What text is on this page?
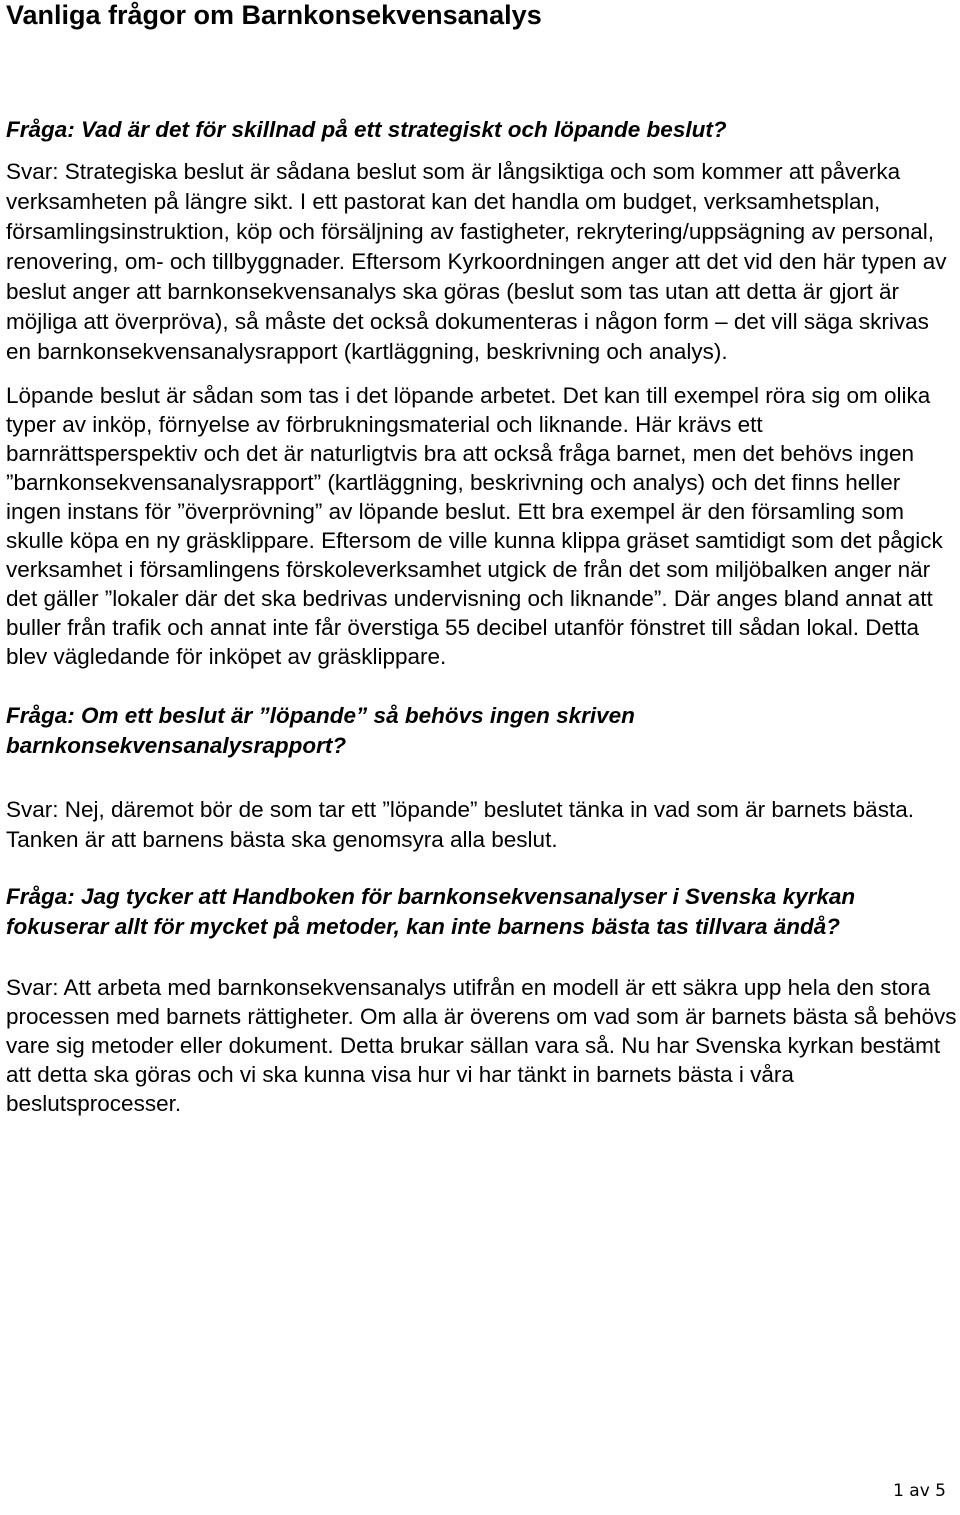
Vanliga frågor om Barnkonsekvensanalys

Fråga: Vad är det för skillnad på ett strategiskt och löpande beslut?

Svar: Strategiska beslut är sådana beslut som är långsiktiga och som kommer att påverka verksamheten på längre sikt. I ett pastorat kan det handla om budget, verksamhetsplan, församlingsinstruktion, köp och försäljning av fastigheter, rekrytering/uppsägning av personal, renovering, om- och tillbyggnader. Eftersom Kyrkoordningen anger att det vid den här typen av beslut anger att barnkonsekvensanalys ska göras (beslut som tas utan att detta är gjort är möjliga att överpröva), så måste det också dokumenteras i någon form – det vill säga skrivas en barnkonsekvensanalysrapport (kartläggning, beskrivning och analys).

Löpande beslut är sådan som tas i det löpande arbetet. Det kan till exempel röra sig om olika typer av inköp, förnyelse av förbrukningsmaterial och liknande. Här krävs ett barnrättsperspektiv och det är naturligtvis bra att också fråga barnet, men det behövs ingen ”barnkonsekvensanalysrapport” (kartläggning, beskrivning och analys) och det finns heller ingen instans för ”överprövning” av löpande beslut. Ett bra exempel är den församling som skulle köpa en ny gräsklippare. Eftersom de ville kunna klippa gräset samtidigt som det pågick verksamhet i församlingens förskoleverksamhet utgick de från det som miljöbalken anger när det gäller ”lokaler där det ska bedrivas undervisning och liknande”. Där anges bland annat att buller från trafik och annat inte får överstiga 55 decibel utanför fönstret till sådan lokal. Detta blev vägledande för inköpet av gräsklippare.

Fråga: Om ett beslut är ”löpande” så behövs ingen skriven barnkonsekvensanalysrapport?

Svar: Nej, däremot bör de som tar ett ”löpande” beslutet tänka in vad som är barnets bästa. Tanken är att barnens bästa ska genomsyra alla beslut.

Fråga: Jag tycker att Handboken för barnkonsekvensanalyser i Svenska kyrkan fokuserar allt för mycket på metoder, kan inte barnens bästa tas tillvara ändå?

Svar: Att arbeta med barnkonsekvensanalys utifrån en modell är ett säkra upp hela den stora processen med barnets rättigheter. Om alla är överens om vad som är barnets bästa så behövs vare sig metoder eller dokument. Detta brukar sällan vara så. Nu har Svenska kyrkan bestämt att detta ska göras och vi ska kunna visa hur vi har tänkt in barnets bästa i våra beslutsprocesser.

1 av 5
